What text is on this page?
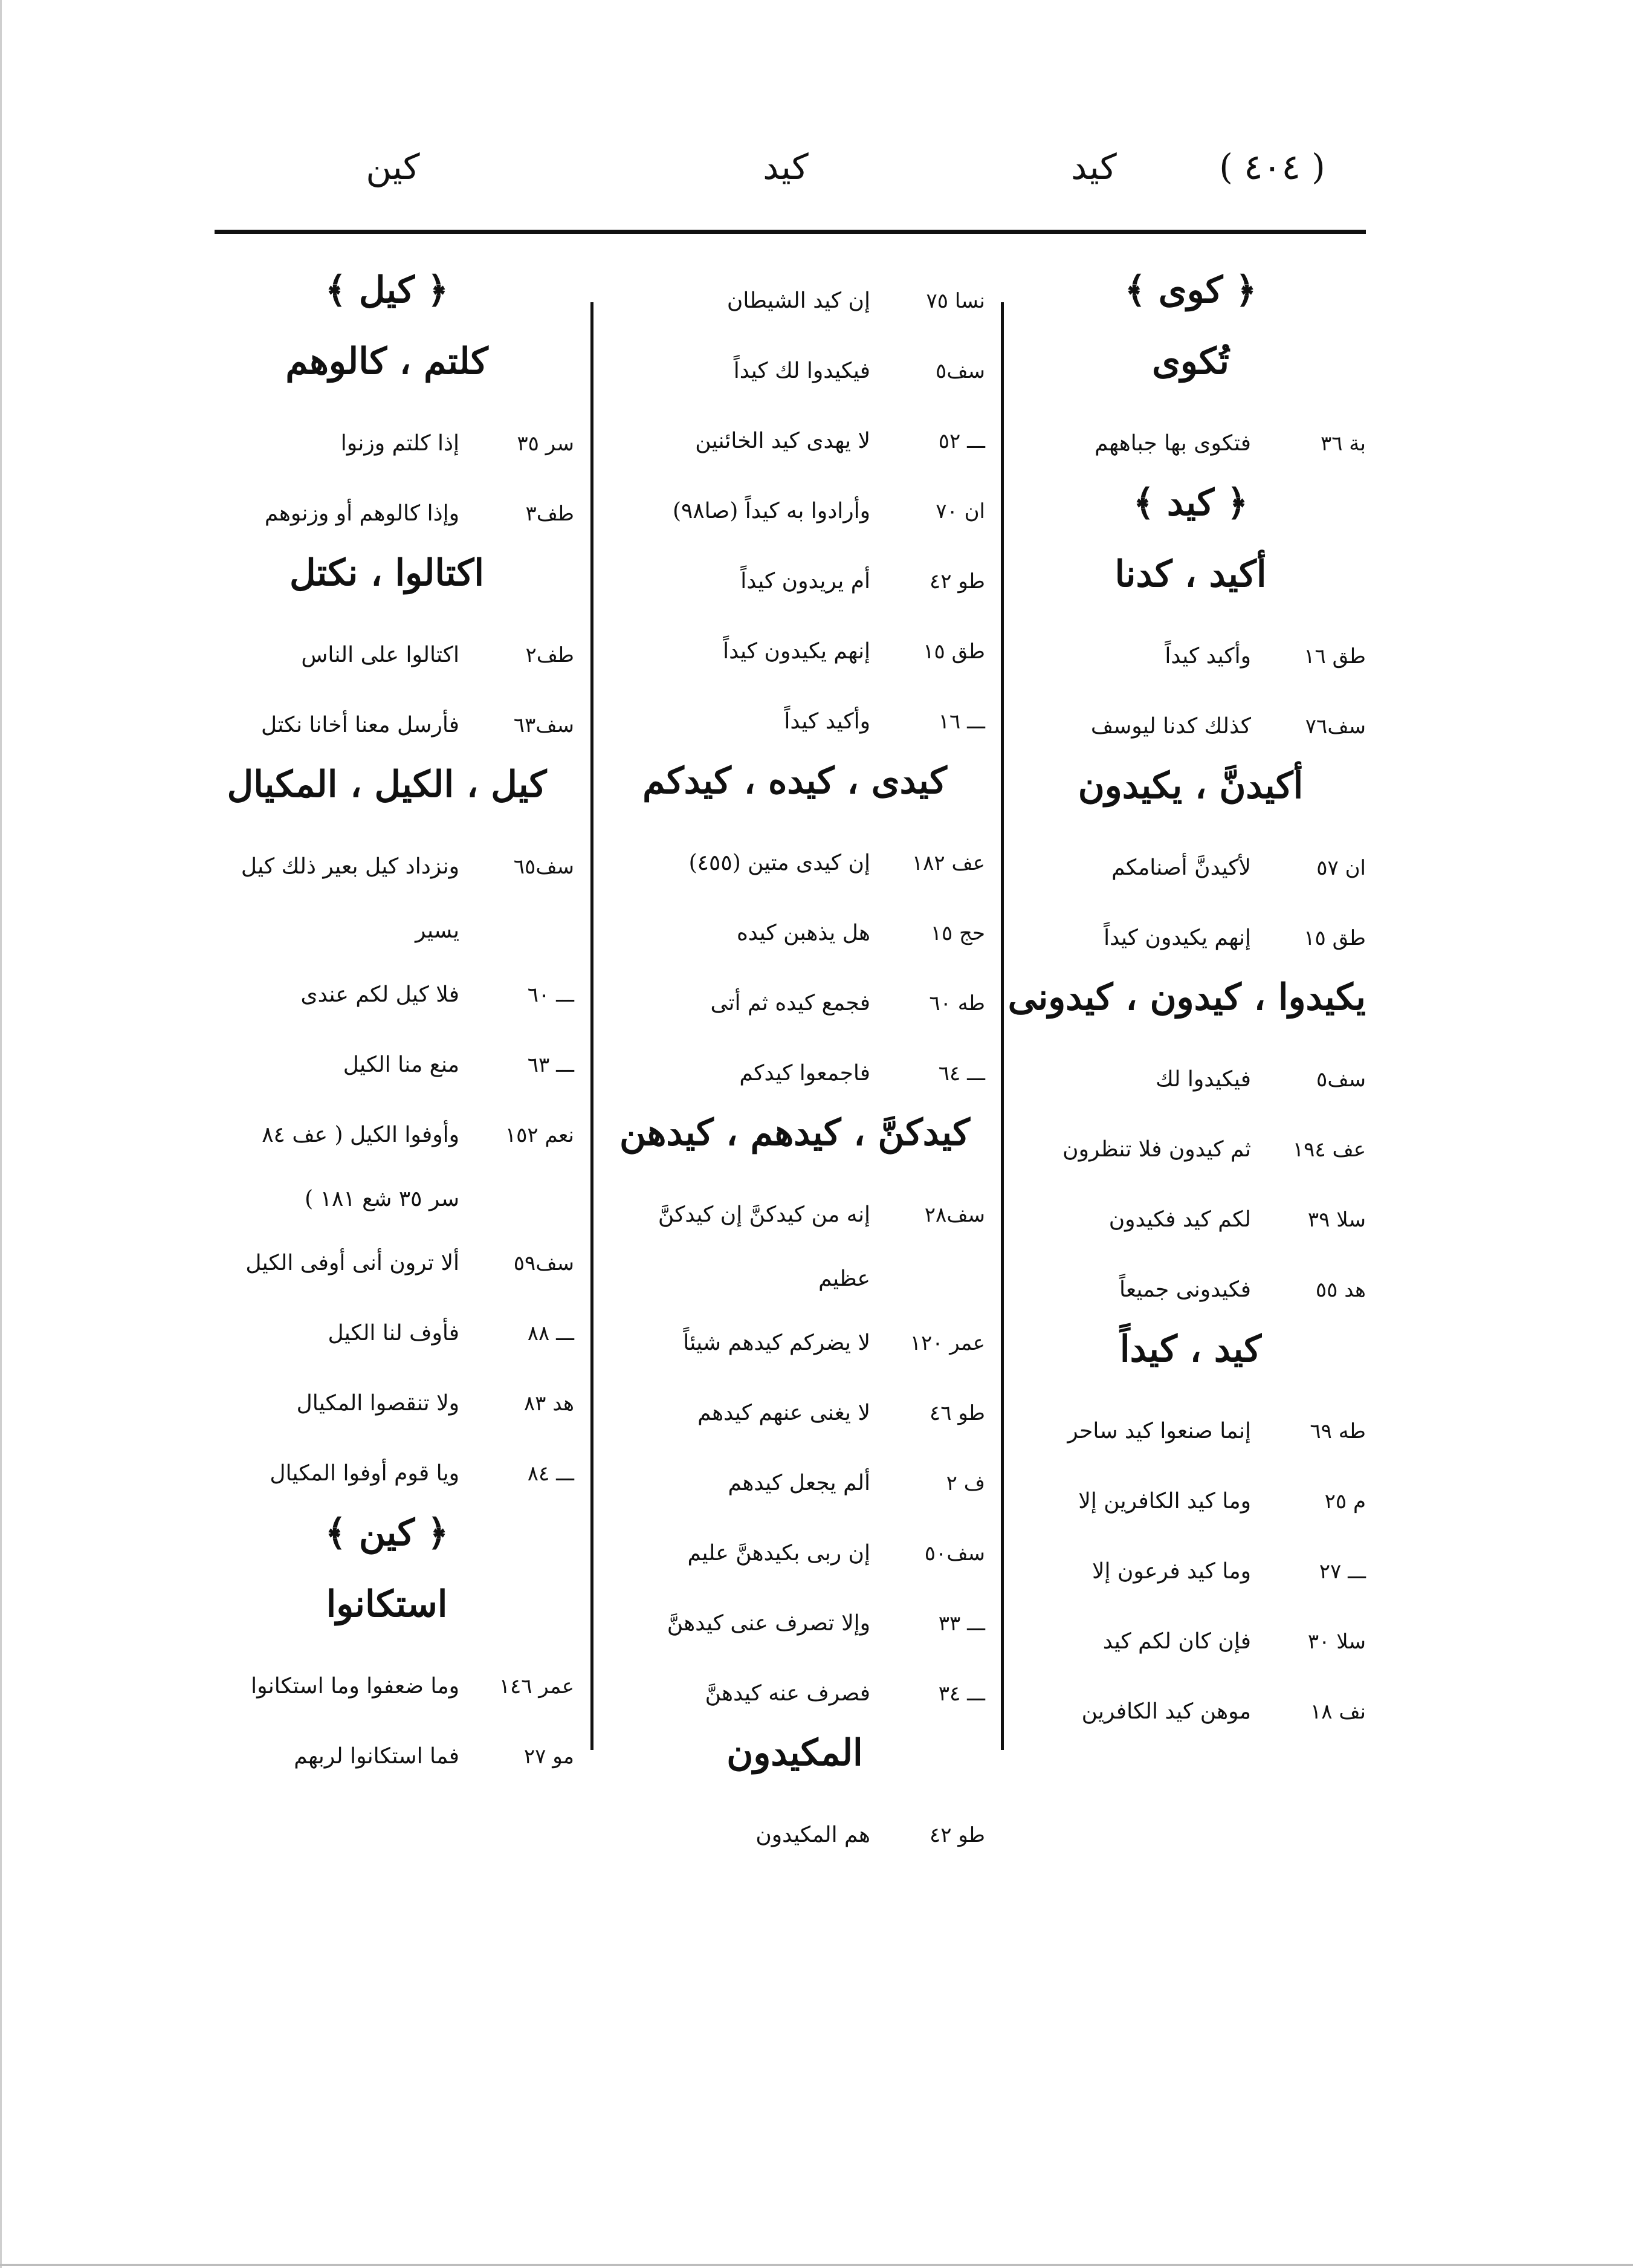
( ٤٠٤ )
كيد
كيد
كين
﴿ كوى ﴾
تُكوى
بة ٣٦
فتكوى بها جباههم
﴿ كيد ﴾
أكيد ، كدنا
طق ١٦
وأكيد كيداً
سف٧٦
كذلك كدنا ليوسف
أكيدنَّ ، يكيدون
ان ٥٧
لأكيدنَّ أصنامكم
طق ١٥
إنهم يكيدون كيداً
يكيدوا ، كيدون ، كيدونى
سف٥
فيكيدوا لك
عف ١٩٤
ثم كيدون فلا تنظرون
سلا ٣٩
لكم كيد فكيدون
هد ٥٥
فكيدونى جميعاً
كيد ، كيداً
طه ٦٩
إنما صنعوا كيد ساحر
م ٢٥
وما كيد الكافرين إلا
ـــ ٢٧
وما كيد فرعون إلا
سلا ٣٠
فإن كان لكم كيد
نف ١٨
موهن كيد الكافرين
نسا ٧٥
إن كيد الشيطان
سف٥
فيكيدوا لك كيداً
ـــ ٥٢
لا يهدى كيد الخائنين
ان ٧٠
وأرادوا به كيداً (صا٩٨)
طو ٤٢
أم يريدون كيداً
طق ١٥
إنهم يكيدون كيداً
ـــ ١٦
وأكيد كيداً
كيدى ، كيده ، كيدكم
عف ١٨٢
إن كيدى متين (٤٥٥)
حج ١٥
هل يذهبن كيده
طه ٦٠
فجمع كيده ثم أتى
ـــ ٦٤
فاجمعوا كيدكم
كيدكنَّ ، كيدهم ، كيدهن
سف٢٨
إنه من كيدكنَّ إن كيدكنَّ
عظيم
عمر ١٢٠
لا يضركم كيدهم شيئاً
طو ٤٦
لا يغنى عنهم كيدهم
ف ٢
ألم يجعل كيدهم
سف٥٠
إن ربى بكيدهنَّ عليم
ـــ ٣٣
وإلا تصرف عنى كيدهنَّ
ـــ ٣٤
فصرف عنه كيدهنَّ
المكيدون
طو ٤٢
هم المكيدون
﴿ كيل ﴾
كلتم ، كالوهم
سر ٣٥
إذا كلتم وزنوا
طف٣
وإذا كالوهم أو وزنوهم
اكتالوا ، نكتل
طف٢
اكتالوا على الناس
سف٦٣
فأرسل معنا أخانا نكتل
كيل ، الكيل ، المكيال
سف٦٥
ونزداد كيل بعير ذلك كيل
يسير
ـــ ٦٠
فلا كيل لكم عندى
ـــ ٦٣
منع منا الكيل
نعم ١٥٢
وأوفوا الكيل ( عف ٨٤
سر ٣٥ شع ١٨١ )
سف٥٩
ألا ترون أنى أوفى الكيل
ـــ ٨٨
فأوف لنا الكيل
هد ٨٣
ولا تنقصوا المكيال
ـــ ٨٤
ويا قوم أوفوا المكيال
﴿ كين ﴾
استكانوا
عمر ١٤٦
وما ضعفوا وما استكانوا
مو ٢٧
فما استكانوا لربهم
